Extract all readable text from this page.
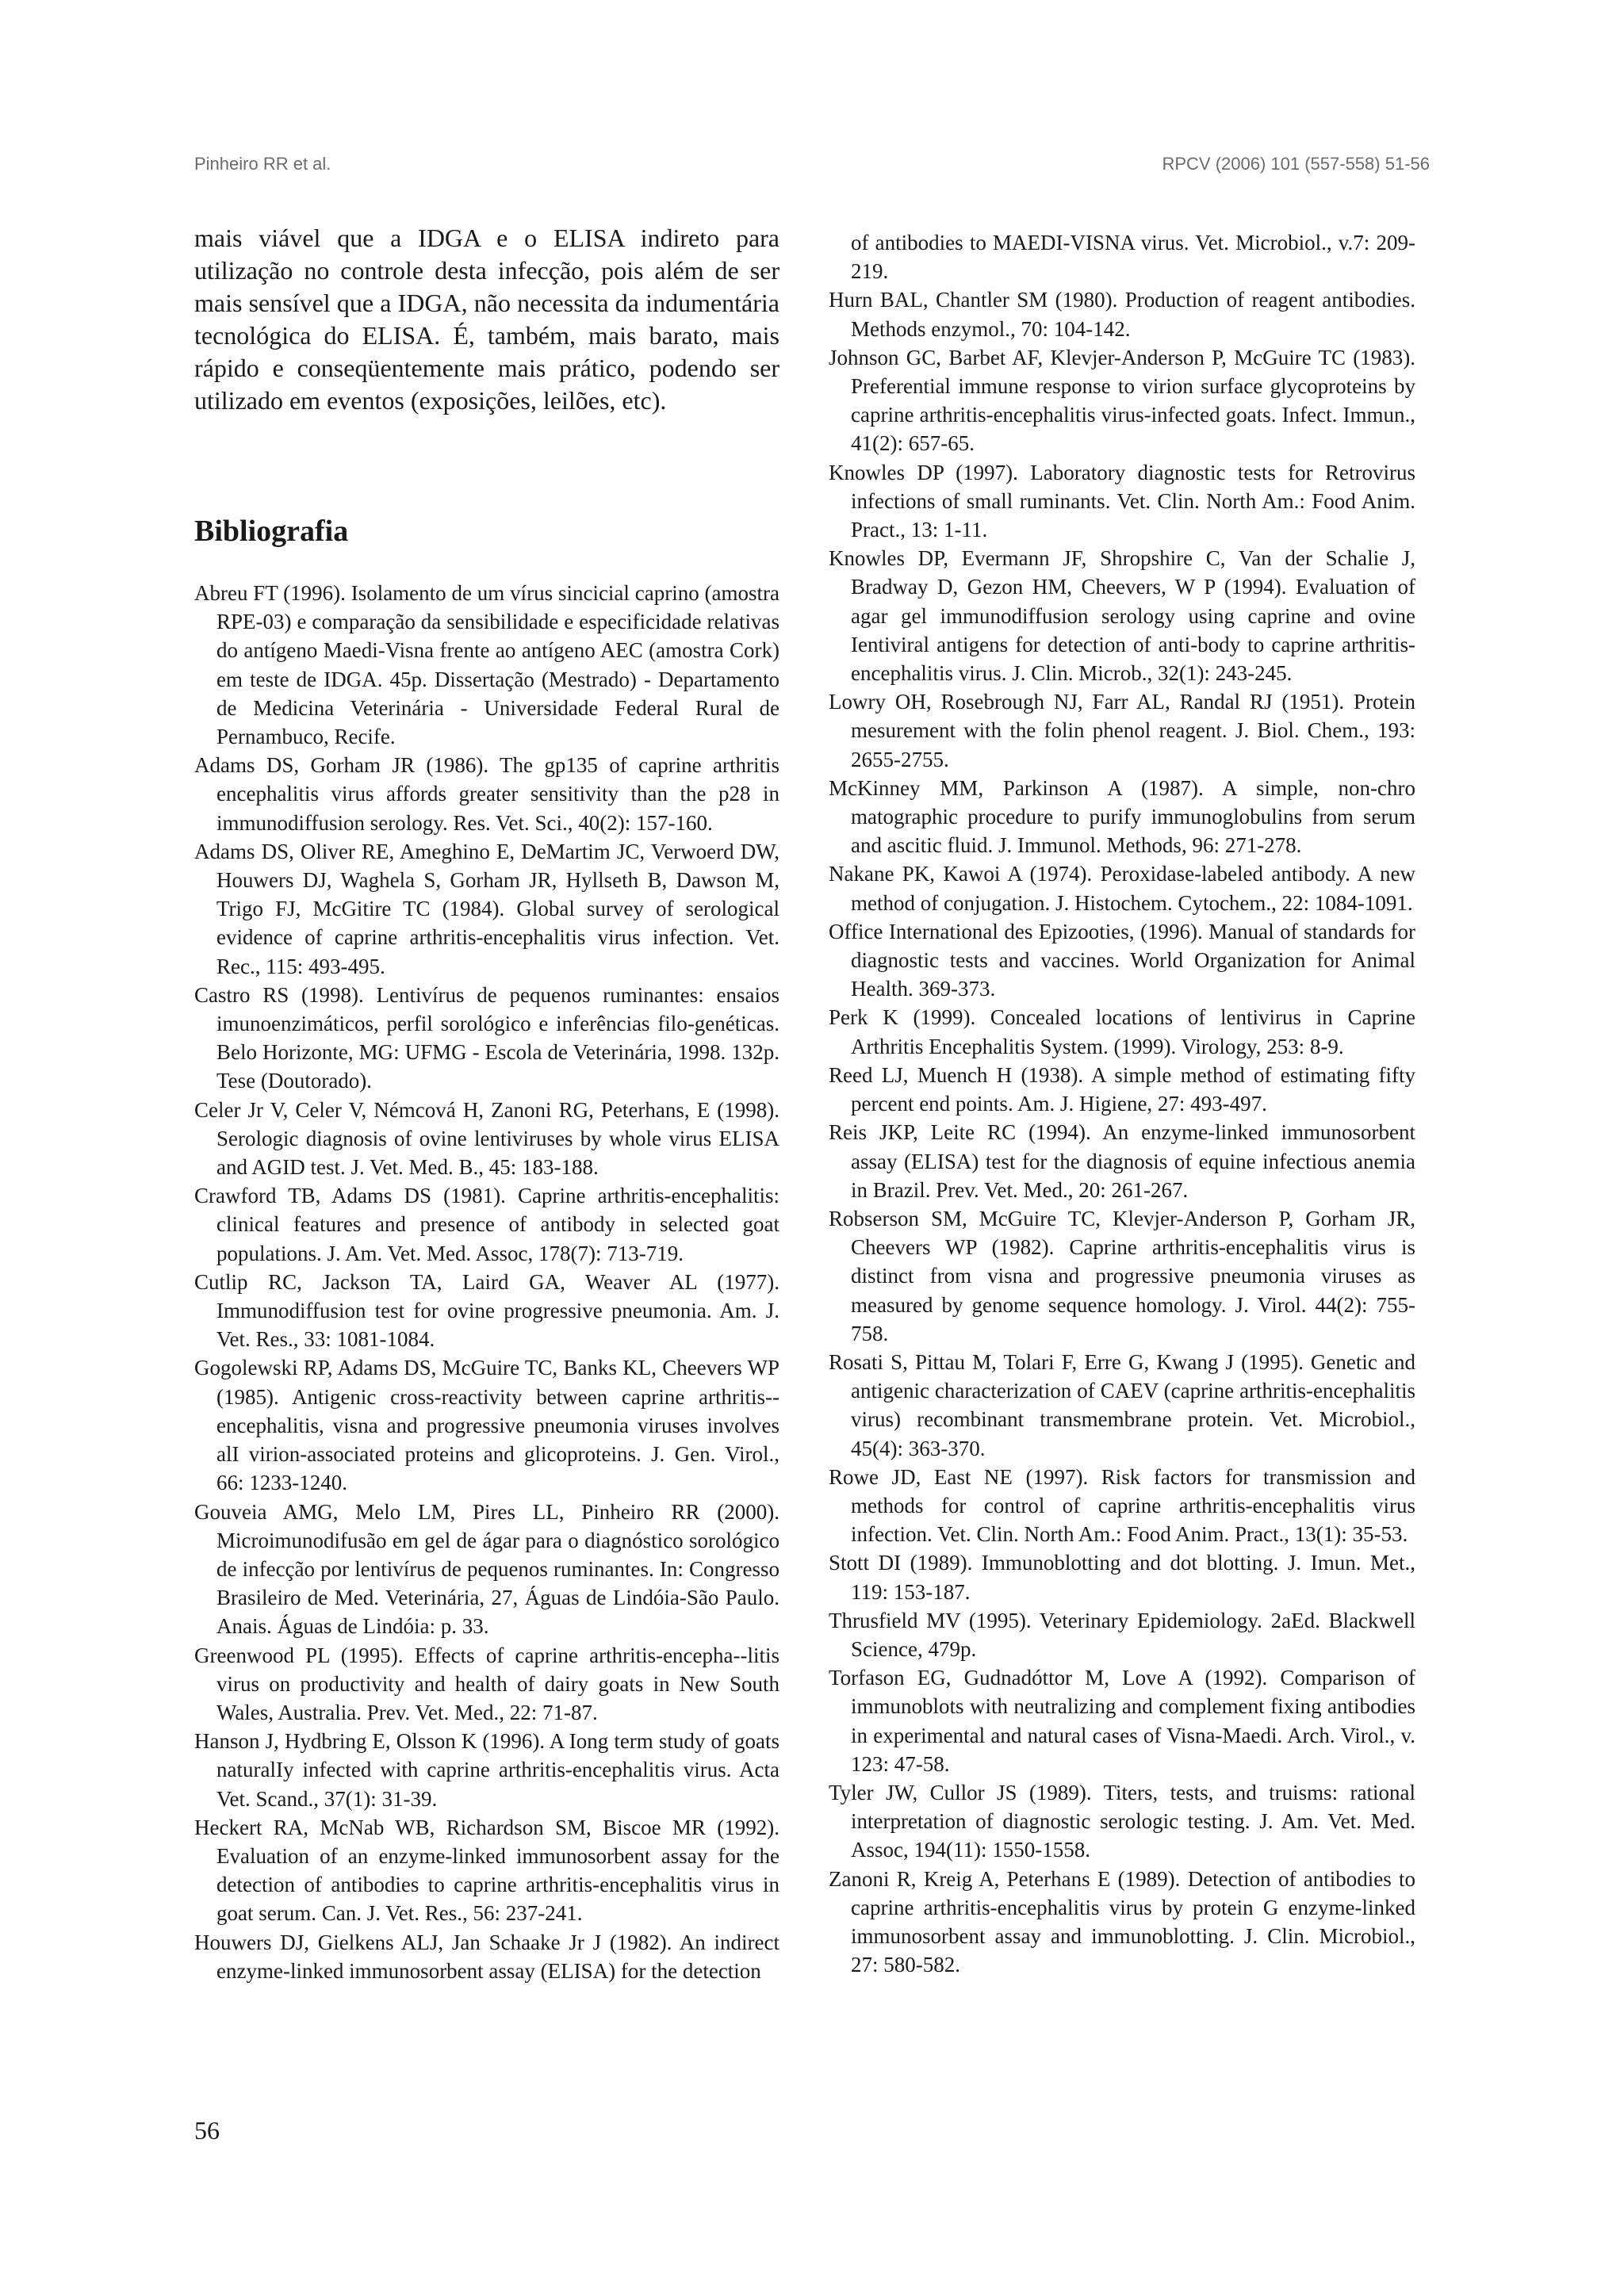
Pinheiro RR et al.	RPCV (2006) 101 (557-558) 51-56

mais viável que a IDGA e o ELISA indireto para utilização no controle desta infecção, pois além de ser mais sensível que a IDGA, não necessita da indumentária tecnológica do ELISA. É, também, mais barato, mais rápido e conseqüentemente mais prático, podendo ser utilizado em eventos (exposições, leilões, etc).

Bibliografia

Abreu FT (1996). Isolamento de um vírus sincicial caprino (amostra RPE-03) e comparação da sensibilidade e especificidade relativas do antígeno Maedi-Visna frente ao antígeno AEC (amostra Cork) em teste de IDGA. 45p. Dissertação (Mestrado) - Departamento de Medicina Veterinária - Universidade Federal Rural de Pernambuco, Recife.

Adams DS, Gorham JR (1986). The gp135 of caprine arthritis encephalitis virus affords greater sensitivity than the p28 in immunodiffusion serology. Res. Vet. Sci., 40(2): 157-160.

Adams DS, Oliver RE, Ameghino E, DeMartim JC, Verwoerd DW, Houwers DJ, Waghela S, Gorham JR, Hyllseth B, Dawson M, Trigo FJ, McGitire TC (1984). Global survey of serological evidence of caprine arthritis-encephalitis virus infection. Vet. Rec., 115: 493-495.

Castro RS (1998). Lentivírus de pequenos ruminantes: ensaios imunoenzimáticos, perfil sorológico e inferências filo-genéticas. Belo Horizonte, MG: UFMG - Escola de Veterinária, 1998. 132p. Tese (Doutorado).

Celer Jr V, Celer V, Némcová H, Zanoni RG, Peterhans, E (1998). Serologic diagnosis of ovine lentiviruses by whole virus ELISA and AGID test. J. Vet. Med. B., 45: 183-188.

Crawford TB, Adams DS (1981). Caprine arthritis-encephalitis: clinical features and presence of antibody in selected goat populations. J. Am. Vet. Med. Assoc, 178(7): 713-719.

Cutlip RC, Jackson TA, Laird GA, Weaver AL (1977). Immunodiffusion test for ovine progressive pneumonia. Am. J. Vet. Res., 33: 1081-1084.

Gogolewski RP, Adams DS, McGuire TC, Banks KL, Cheevers WP (1985). Antigenic cross-reactivity between caprine arthritis--encephalitis, visna and progressive pneumonia viruses involves alI virion-associated proteins and glicoproteins. J. Gen. Virol., 66: 1233-1240.

Gouveia AMG, Melo LM, Pires LL, Pinheiro RR (2000). Microimunodifusão em gel de ágar para o diagnóstico sorológico de infecção por lentivírus de pequenos ruminantes. In: Congresso Brasileiro de Med. Veterinária, 27, Águas de Lindóia-São Paulo. Anais. Águas de Lindóia: p. 33.

Greenwood PL (1995). Effects of caprine arthritis-encepha--litis virus on productivity and health of dairy goats in New South Wales, Australia. Prev. Vet. Med., 22: 71-87.

Hanson J, Hydbring E, Olsson K (1996). A Iong term study of goats naturalIy infected with caprine arthritis-encephalitis virus. Acta Vet. Scand., 37(1): 31-39.

Heckert RA, McNab WB, Richardson SM, Biscoe MR (1992). Evaluation of an enzyme-linked immunosorbent assay for the detection of antibodies to caprine arthritis-encephalitis virus in goat serum. Can. J. Vet. Res., 56: 237-241.

Houwers DJ, Gielkens ALJ, Jan Schaake Jr J (1982). An indirect enzyme-linked immunosorbent assay (ELISA) for the detection

of antibodies to MAEDI-VISNA virus. Vet. Microbiol., v.7: 209-219.

Hurn BAL, Chantler SM (1980). Production of reagent antibodies. Methods enzymol., 70: 104-142.

Johnson GC, Barbet AF, Klevjer-Anderson P, McGuire TC (1983). Preferential immune response to virion surface glycoproteins by caprine arthritis-encephalitis virus-infected goats. Infect. Immun., 41(2): 657-65.

Knowles DP (1997). Laboratory diagnostic tests for Retrovirus infections of small ruminants. Vet. Clin. North Am.: Food Anim. Pract., 13: 1-11.

Knowles DP, Evermann JF, Shropshire C, Van der Schalie J, Bradway D, Gezon HM, Cheevers, W P (1994). Evaluation of agar gel immunodiffusion serology using caprine and ovine Ientiviral antigens for detection of anti-body to caprine arthritis-encephalitis virus. J. Clin. Microb., 32(1): 243-245.

Lowry OH, Rosebrough NJ, Farr AL, Randal RJ (1951). Protein mesurement with the folin phenol reagent. J. Biol. Chem., 193: 2655-2755.

McKinney MM, Parkinson A (1987). A simple, non-chro matographic procedure to purify immunoglobulins from serum and ascitic fluid. J. Immunol. Methods, 96: 271-278.

Nakane PK, Kawoi A (1974). Peroxidase-labeled antibody. A new method of conjugation. J. Histochem. Cytochem., 22: 1084-1091.

Office International des Epizooties, (1996). Manual of standards for diagnostic tests and vaccines. World Organization for Animal Health. 369-373.

Perk K (1999). Concealed locations of lentivirus in Caprine Arthritis Encephalitis System. (1999). Virology, 253: 8-9.

Reed LJ, Muench H (1938). A simple method of estimating fifty percent end points. Am. J. Higiene, 27: 493-497.

Reis JKP, Leite RC (1994). An enzyme-linked immunosorbent assay (ELISA) test for the diagnosis of equine infectious anemia in Brazil. Prev. Vet. Med., 20: 261-267.

Robserson SM, McGuire TC, Klevjer-Anderson P, Gorham JR, Cheevers WP (1982). Caprine arthritis-encephalitis virus is distinct from visna and progressive pneumonia viruses as measured by genome sequence homology. J. Virol. 44(2): 755-758.

Rosati S, Pittau M, Tolari F, Erre G, Kwang J (1995). Genetic and antigenic characterization of CAEV (caprine arthritis-encephalitis virus) recombinant transmembrane protein. Vet. Microbiol., 45(4): 363-370.

Rowe JD, East NE (1997). Risk factors for transmission and methods for control of caprine arthritis-encephalitis virus infection. Vet. Clin. North Am.: Food Anim. Pract., 13(1): 35-53.

Stott DI (1989). Immunoblotting and dot blotting. J. Imun. Met., 119: 153-187.

Thrusfield MV (1995). Veterinary Epidemiology. 2aEd. Blackwell Science, 479p.

Torfason EG, Gudnadóttor M, Love A (1992). Comparison of immunoblots with neutralizing and complement fixing antibodies in experimental and natural cases of Visna-Maedi. Arch. Virol., v. 123: 47-58.

Tyler JW, Cullor JS (1989). Titers, tests, and truisms: rational interpretation of diagnostic serologic testing. J. Am. Vet. Med. Assoc, 194(11): 1550-1558.

Zanoni R, Kreig A, Peterhans E (1989). Detection of antibodies to caprine arthritis-encephalitis virus by protein G enzyme-linked immunosorbent assay and immunoblotting. J. Clin. Microbiol., 27: 580-582.

56
